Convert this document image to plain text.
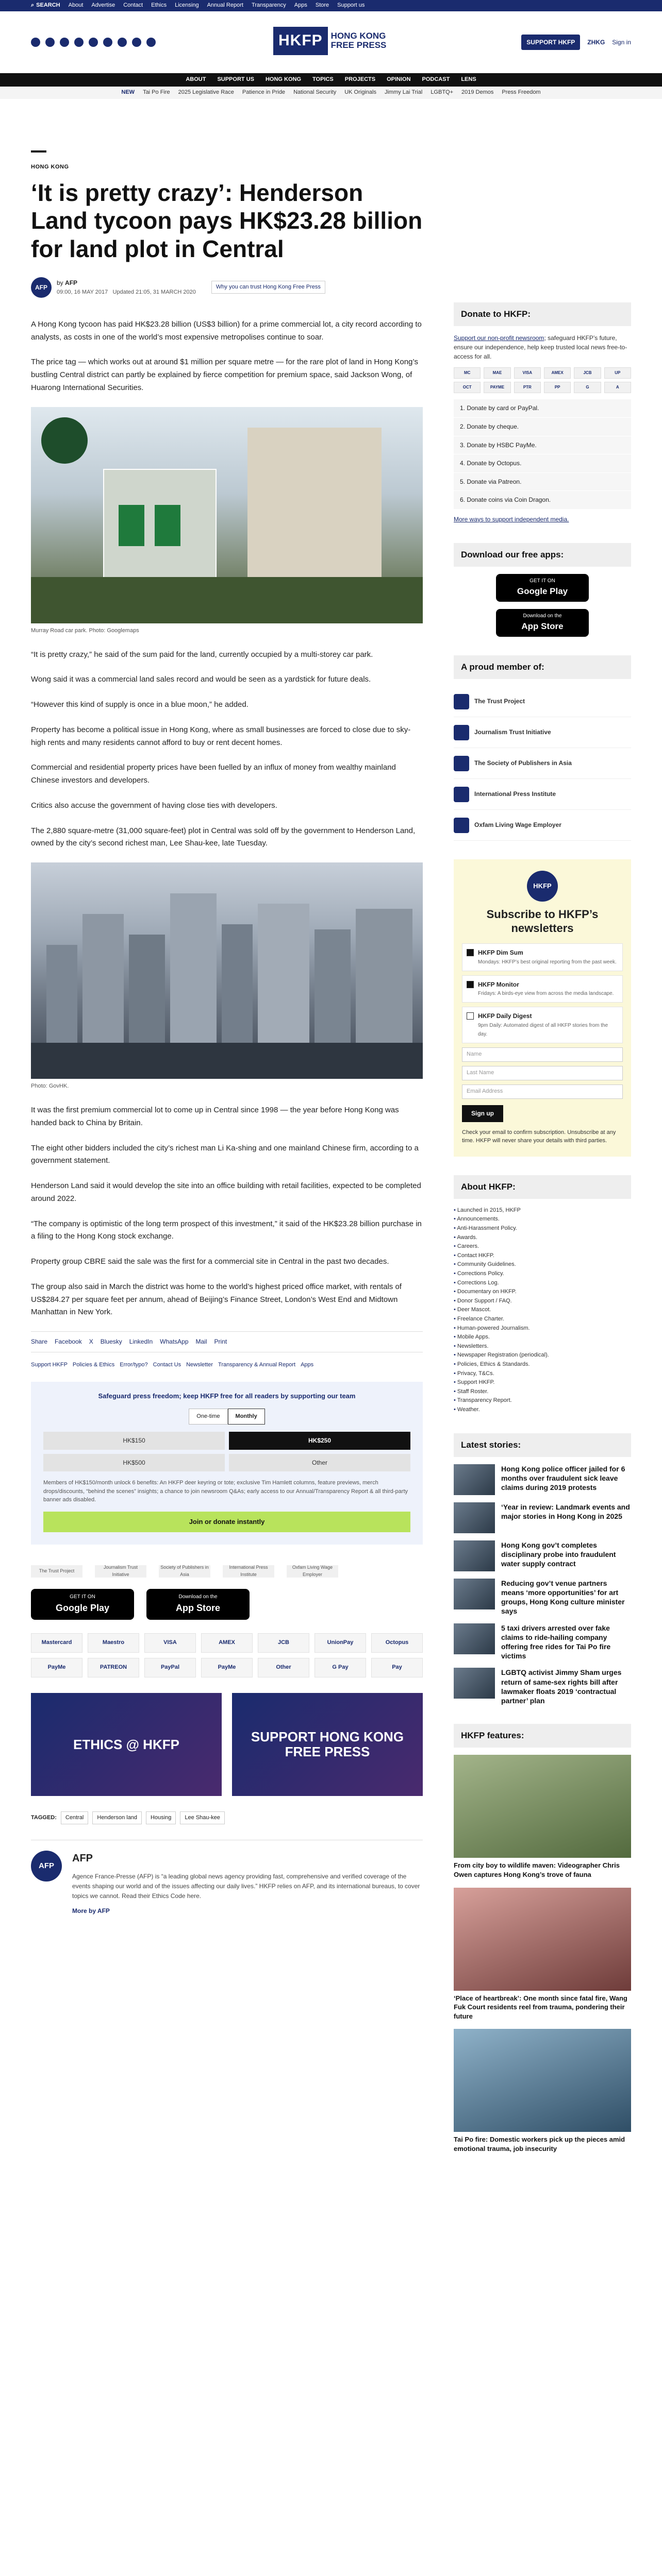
⌕ SEARCH About Advertise Contact Ethics Licensing Annual Report Transparency Apps Store Support us
HKFP HONG KONG
FREE PRESS	SUPPORT HKFP	ZHKG Sign in
ABOUT SUPPORT US HONG KONG TOPICS PROJECTS OPINION PODCAST LENS
NEW Tai Po Fire 2025 Legislative Race Patience in Pride National Security UK Originals Jimmy Lai Trial LGBTQ+ 2019 Demos Press Freedom
HONG KONG
‘It is pretty crazy’: Henderson Land tycoon pays HK$23.28 billion for land plot in Central
AFP
by AFP
09:00, 16 MAY 2017 Updated 21:05, 31 MARCH 2020
Why you can trust Hong Kong Free Press

A Hong Kong tycoon has paid HK$23.28 billion (US$3 billion) for a prime commercial lot, a city record according to analysts, as costs in one of the world’s most expensive metropolises continue to soar.

The price tag — which works out at around $1 million per square metre — for the rare plot of land in Hong Kong’s bustling Central district can partly be explained by fierce competition for premium space, said Jackson Wong, of Huarong International Securities.

Murray Road car park. Photo: Googlemaps

“It is pretty crazy,” he said of the sum paid for the land, currently occupied by a multi-storey car park.

Wong said it was a commercial land sales record and would be seen as a yardstick for future deals.

“However this kind of supply is once in a blue moon,” he added.

Property has become a political issue in Hong Kong, where as small businesses are forced to close due to sky-high rents and many residents cannot afford to buy or rent decent homes.

Commercial and residential property prices have been fuelled by an influx of money from wealthy mainland Chinese investors and developers.

Critics also accuse the government of having close ties with developers.

The 2,880 square-metre (31,000 square-feet) plot in Central was sold off by the government to Henderson Land, owned by the city’s second richest man, Lee Shau-kee, late Tuesday.

Photo: GovHK.

It was the first premium commercial lot to come up in Central since 1998 — the year before Hong Kong was handed back to China by Britain.

The eight other bidders included the city’s richest man Li Ka-shing and one mainland Chinese firm, according to a government statement.

Henderson Land said it would develop the site into an office building with retail facilities, expected to be completed around 2022.

“The company is optimistic of the long term prospect of this investment,” it said of the HK$23.28 billion purchase in a filing to the Hong Kong stock exchange.

Property group CBRE said the sale was the first for a commercial site in Central in the past two decades.

The group also said in March the district was home to the world’s highest priced office market, with rentals of US$284.27 per square feet per annum, ahead of Beijing’s Finance Street, London’s West End and Midtown Manhattan in New York.

Share Facebook X Bluesky LinkedIn WhatsApp Mail Print
Support HKFP Policies & Ethics Error/typo? Contact Us Newsletter Transparency & Annual Report Apps
Safeguard press freedom; keep HKFP free for all readers by supporting our team
One-time	Monthly
HK$150	HK$250
HK$500	Other
Members of HK$150/month unlock 6 benefits: An HKFP deer keyring or tote; exclusive Tim Hamlett columns, feature previews, merch drops/discounts, “behind the scenes” insights; a chance to join newsroom Q&As; early access to our Annual/Transparency Report & all third-party banner ads disabled.
Join or donate instantly
The Trust Project
Journalism Trust Initiative
Society of Publishers in Asia
International Press Institute
Oxfam Living Wage Employer
GET IT ON
Google Play
Download on the
App Store
Mastercard	Maestro	VISA	AMEX	JCB	UnionPay	Octopus
PayMe	PATREON	PayPal	PayMe	Other	G Pay	Pay
ETHICS @ HKFP	SUPPORT HONG KONG FREE PRESS
TAGGED:	Central	Henderson land	Housing	Lee Shau-kee
AFP
AFP

Agence France-Presse (AFP) is “a leading global news agency providing fast, comprehensive and verified coverage of the events shaping our world and of the issues affecting our daily lives.” HKFP relies on AFP, and its international bureaus, to cover topics we cannot. Read their Ethics Code here.

More by AFP
Donate to HKFP:
Support our non-profit newsroom; safeguard HKFP’s future, ensure our independence, help keep trusted local news free-to-access for all.
MC	MAE	VISA	AMEX	JCB	UP
OCT	PAYME	PTR	PP	G	A
1. Donate by card or PayPal.
2. Donate by cheque.
3. Donate by HSBC PayMe.
4. Donate by Octopus.
5. Donate via Patreon.
6. Donate coins via Coin Dragon.
More ways to support independent media.
Download our free apps:
GET IT ON
Google Play
Download on the
App Store
A proud member of:
The Trust Project
Journalism Trust Initiative
The Society of Publishers in Asia
International Press Institute
Oxfam Living Wage Employer
HKFP
Subscribe to HKFP’s newsletters
HKFP Dim Sum
Mondays: HKFP’s best original reporting from the past week.
HKFP Monitor
Fridays: A birds-eye view from across the media landscape.
HKFP Daily Digest
9pm Daily: Automated digest of all HKFP stories from the day.
Name
Last Name
Email Address
Sign up
Check your email to confirm subscription. Unsubscribe at any time. HKFP will never share your details with third parties.
About HKFP:
• Launched in 2015, HKFP
• Announcements.
• Anti-Harassment Policy.
• Awards.
• Careers.
• Contact HKFP.
• Community Guidelines.
• Corrections Policy.
• Corrections Log.
• Documentary on HKFP.
• Donor Support / FAQ.
• Deer Mascot.
• Freelance Charter.
• Human-powered Journalism.
• Mobile Apps.
• Newsletters.
• Newspaper Registration (periodical).
• Policies, Ethics & Standards.
• Privacy, T&Cs.
• Support HKFP.
• Staff Roster.
• Transparency Report.
• Weather.
Latest stories:
Hong Kong police officer jailed for 6 months over fraudulent sick leave claims during 2019 protests
‘Year in review: Landmark events and major stories in Hong Kong in 2025
Hong Kong gov’t completes disciplinary probe into fraudulent water supply contract
Reducing gov’t venue partners means ‘more opportunities’ for art groups, Hong Kong culture minister says
5 taxi drivers arrested over fake claims to ride-hailing company offering free rides for Tai Po fire victims
LGBTQ activist Jimmy Sham urges return of same-sex rights bill after lawmaker floats 2019 ‘contractual partner’ plan
HKFP features:
From city boy to wildlife maven: Videographer Chris Owen captures Hong Kong’s trove of fauna
‘Place of heartbreak’: One month since fatal fire, Wang Fuk Court residents reel from trauma, pondering their future
Tai Po fire: Domestic workers pick up the pieces amid emotional trauma, job insecurity
